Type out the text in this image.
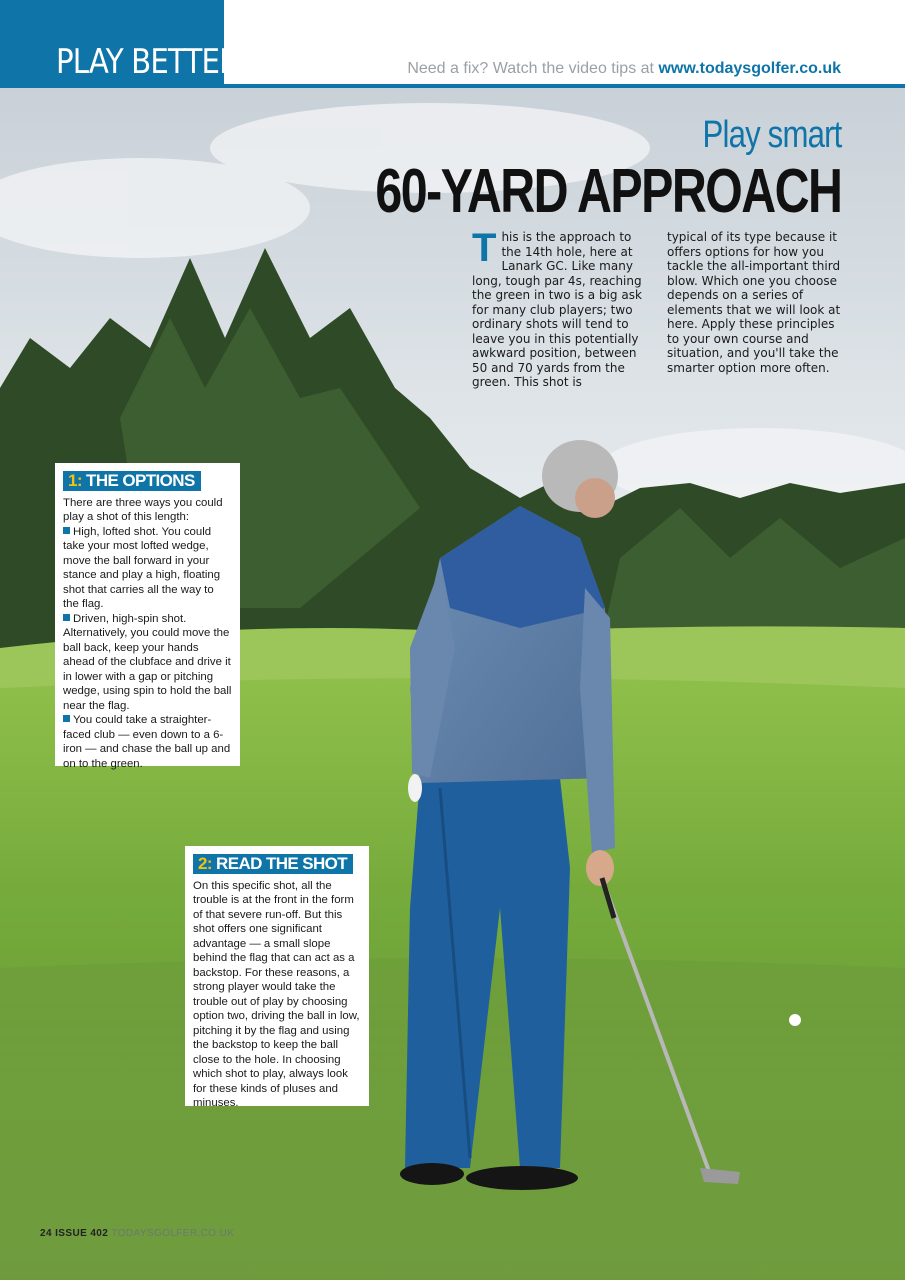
PLAY BETTER	Need a fix? Watch the video tips at www.todaysgolfer.co.uk
Play smart
60-YARD APPROACH
This is the approach to the 14th hole, here at Lanark GC. Like many long, tough par 4s, reaching the green in two is a big ask for many club players; two ordinary shots will tend to leave you in this potentially awkward position, between 50 and 70 yards from the green. This shot is
typical of its type because it offers options for how you tackle the all-important third blow. Which one you choose depends on a series of elements that we will look at here. Apply these principles to your own course and situation, and you'll take the smarter option more often.
1: THE OPTIONS

There are three ways you could play a shot of this length:

High, lofted shot. You could take your most lofted wedge, move the ball forward in your stance and play a high, floating shot that carries all the way to the flag.

Driven, high-spin shot. Alternatively, you could move the ball back, keep your hands ahead of the clubface and drive it in lower with a gap or pitching wedge, using spin to hold the ball near the flag.

You could take a straighter-faced club — even down to a 6-iron — and chase the ball up and on to the green.

2: READ THE SHOT

On this specific shot, all the trouble is at the front in the form of that severe run-off. But this shot offers one significant advantage — a small slope behind the flag that can act as a backstop. For these reasons, a strong player would take the trouble out of play by choosing option two, driving the ball in low, pitching it by the flag and using the backstop to keep the ball close to the hole. In choosing which shot to play, always look for these kinds of pluses and minuses.

24 ISSUE 402 TODAYSGOLFER.CO.UK
